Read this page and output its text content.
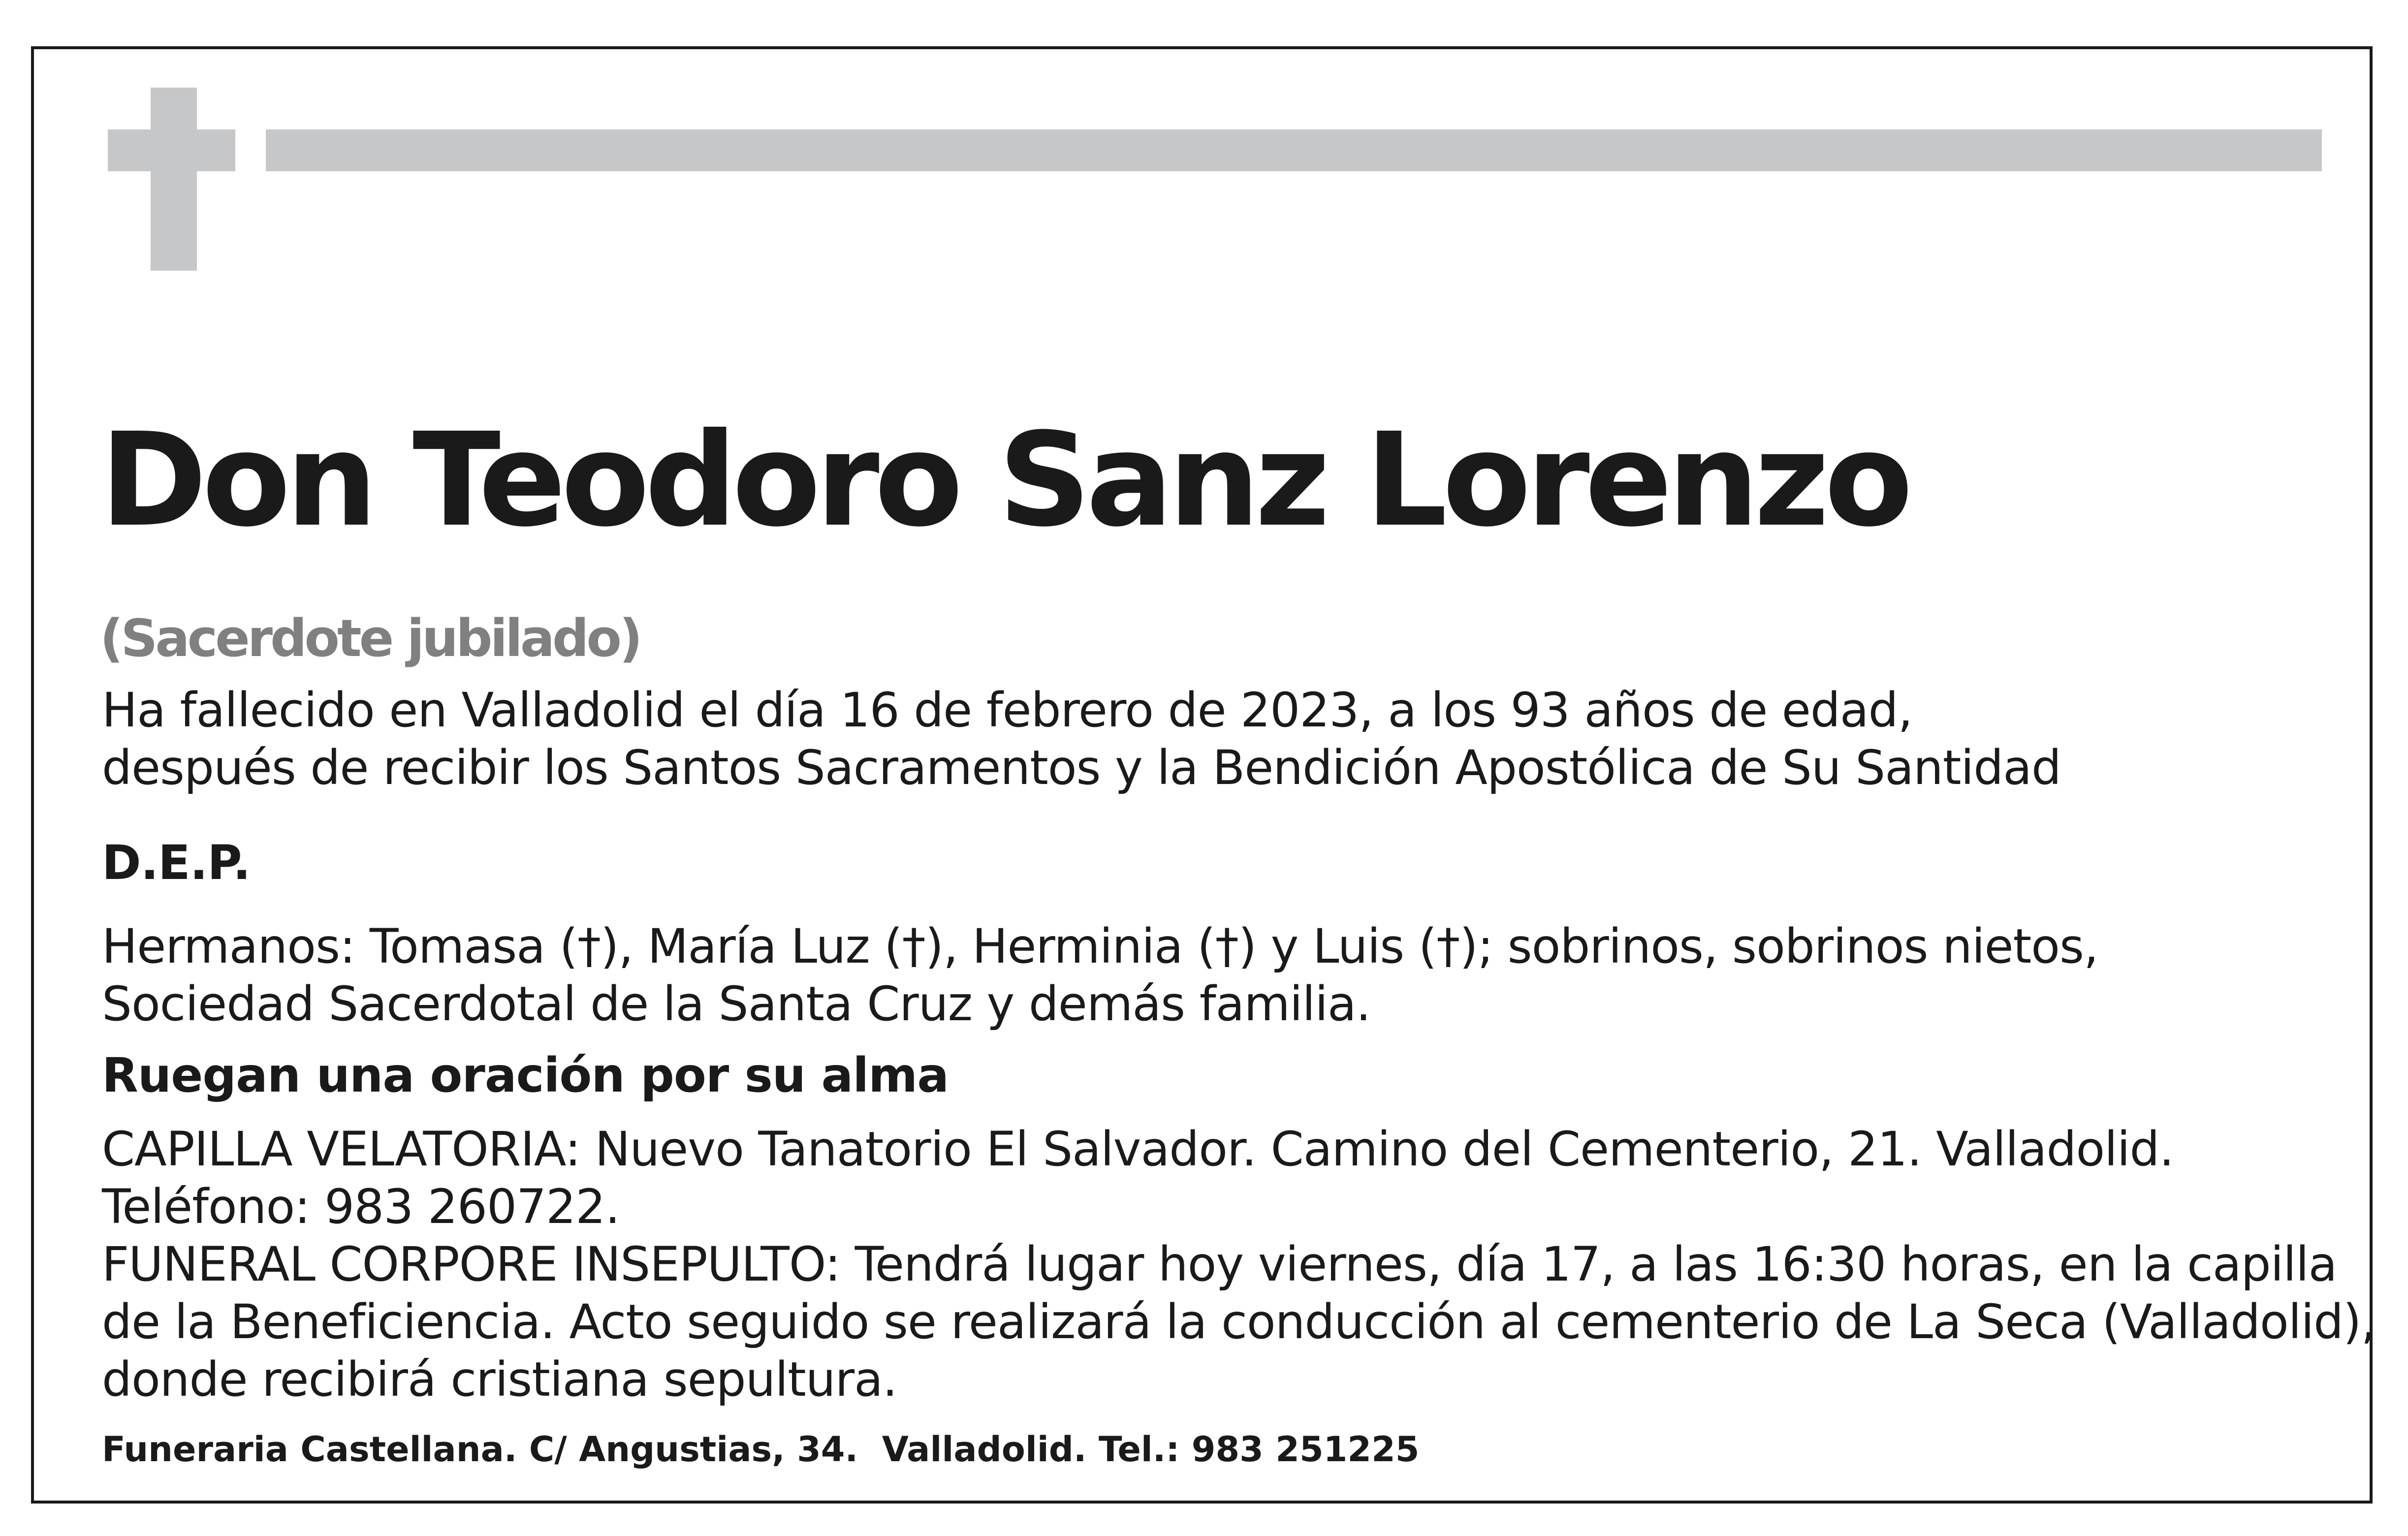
Don Teodoro Sanz Lorenzo

(Sacerdote jubilado)

Ha fallecido en Valladolid el día 16 de febrero de 2023, a los 93 años de edad,
después de recibir los Santos Sacramentos y la Bendición Apostólica de Su Santidad

D.E.P.

Hermanos: Tomasa (†), María Luz (†), Herminia (†) y Luis (†); sobrinos, sobrinos nietos,
Sociedad Sacerdotal de la Santa Cruz y demás familia.

Ruegan una oración por su alma

CAPILLA VELATORIA: Nuevo Tanatorio El Salvador. Camino del Cementerio, 21. Valladolid.
Teléfono: 983 260722.
FUNERAL CORPORE INSEPULTO: Tendrá lugar hoy viernes, día 17, a las 16:30 horas, en la capilla
de la Beneficiencia. Acto seguido se realizará la conducción al cementerio de La Seca (Valladolid),
donde recibirá cristiana sepultura.

Funeraria Castellana. C/ Angustias, 34.  Valladolid. Tel.: 983 251225
